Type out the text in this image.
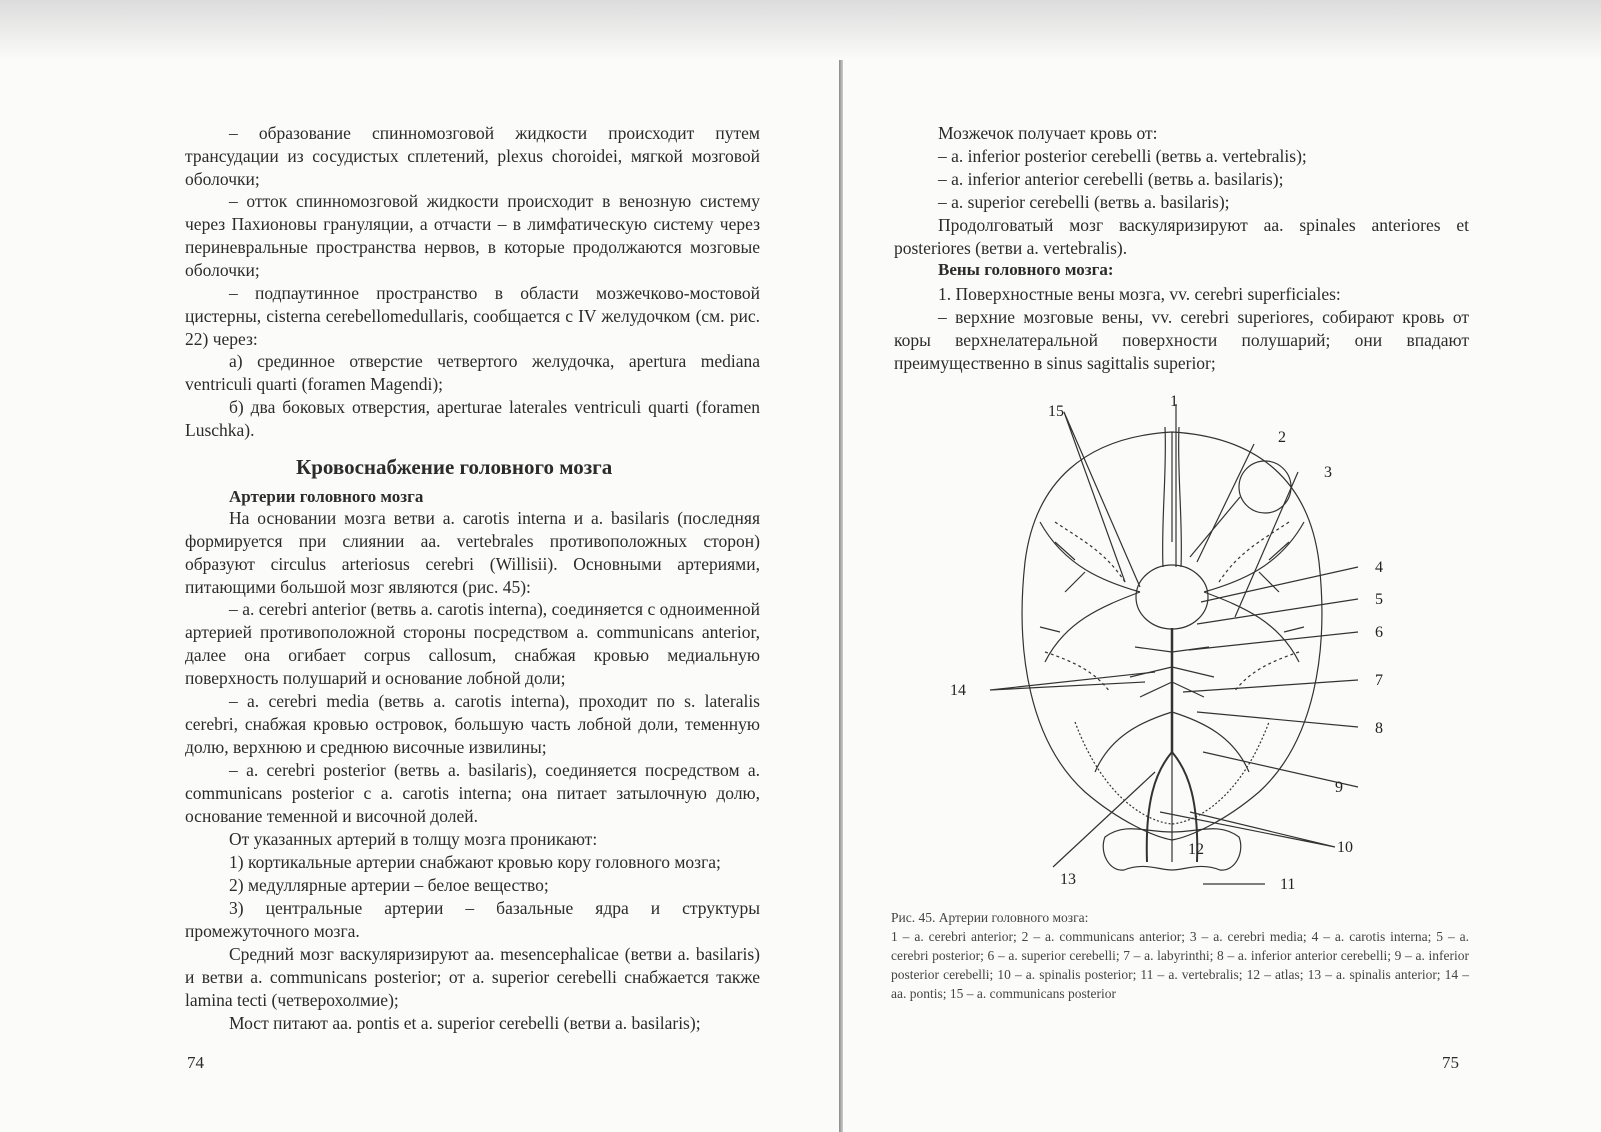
– образование спинномозговой жидкости происходит путем трансудации из сосудистых сплетений, plexus choroidei, мягкой мозговой оболочки;

– отток спинномозговой жидкости происходит в венозную систему через Пахионовы грануляции, а отчасти – в лимфатическую систему через периневральные пространства нервов, в которые продолжаются мозговые оболочки;

– подпаутинное пространство в области мозжечково-мостовой цистерны, cisterna cerebellomedullaris, сообщается с IV желудочком (см. рис. 22) через:

а) срединное отверстие четвертого желудочка, apertura mediana ventriculi quarti (foramen Magendi);

б) два боковых отверстия, aperturae laterales ventriculi quarti (foramen Luschka).

Кровоснабжение головного мозга
Артерии головного мозга

На основании мозга ветви a. carotis interna и a. basilaris (последняя формируется при слиянии aa. vertebrales противоположных сторон) образуют circulus arteriosus cerebri (Willisii). Основными артериями, питающими большой мозг являются (рис. 45):

– a. cerebri anterior (ветвь a. carotis interna), соединяется с одноименной артерией противоположной стороны посредством a. communicans anterior, далее она огибает corpus callosum, снабжая кровью медиальную поверхность полушарий и основание лобной доли;

– a. cerebri media (ветвь a. carotis interna), проходит по s. lateralis cerebri, снабжая кровью островок, большую часть лобной доли, теменную долю, верхнюю и среднюю височные извилины;

– a. cerebri posterior (ветвь a. basilaris), соединяется посредством a. communicans posterior с a. carotis interna; она питает затылочную долю, основание теменной и височной долей.

От указанных артерий в толщу мозга проникают:

1) кортикальные артерии снабжают кровью кору головного мозга;

2) медуллярные артерии – белое вещество;

3) центральные артерии – базальные ядра и структуры промежуточного мозга.

Средний мозг васкуляризируют aa. mesencephalicae (ветви a. basilaris) и ветви a. communicans posterior; от a. superior cerebelli снабжается также lamina tecti (четверохолмие);

Мост питают aa. pontis et a. superior cerebelli (ветви a. basilaris);

74

Мозжечок получает кровь от:

– a. inferior posterior cerebelli (ветвь a. vertebralis);

– a. inferior anterior cerebelli (ветвь a. basilaris);

– a. superior cerebelli (ветвь a. basilaris);

Продолговатый мозг васкуляризируют aa. spinales anteriores et posteriores (ветви a. vertebralis).

Вены головного мозга:

1. Поверхностные вены мозга, vv. cerebri superficiales:

– верхние мозговые вены, vv. cerebri superiores, собирают кровь от коры верхнелатеральной поверхности полушарий; они впадают преимущественно в sinus sagittalis superior;

15
1
2
3
4
5
6
7
8
9
10
11
12
13
14

Рис. 45. Артерии головного мозга:
1 – a. cerebri anterior; 2 – a. communicans anterior; 3 – a. cerebri media; 4 – a. carotis interna; 5 – a. cerebri posterior; 6 – a. superior cerebelli; 7 – a. labyrinthi; 8 – a. inferior anterior cerebelli; 9 – a. inferior posterior cerebelli; 10 – a. spinalis posterior; 11 – a. vertebralis; 12 – atlas; 13 – a. spinalis anterior; 14 – aa. pontis; 15 – a. communicans posterior

75
